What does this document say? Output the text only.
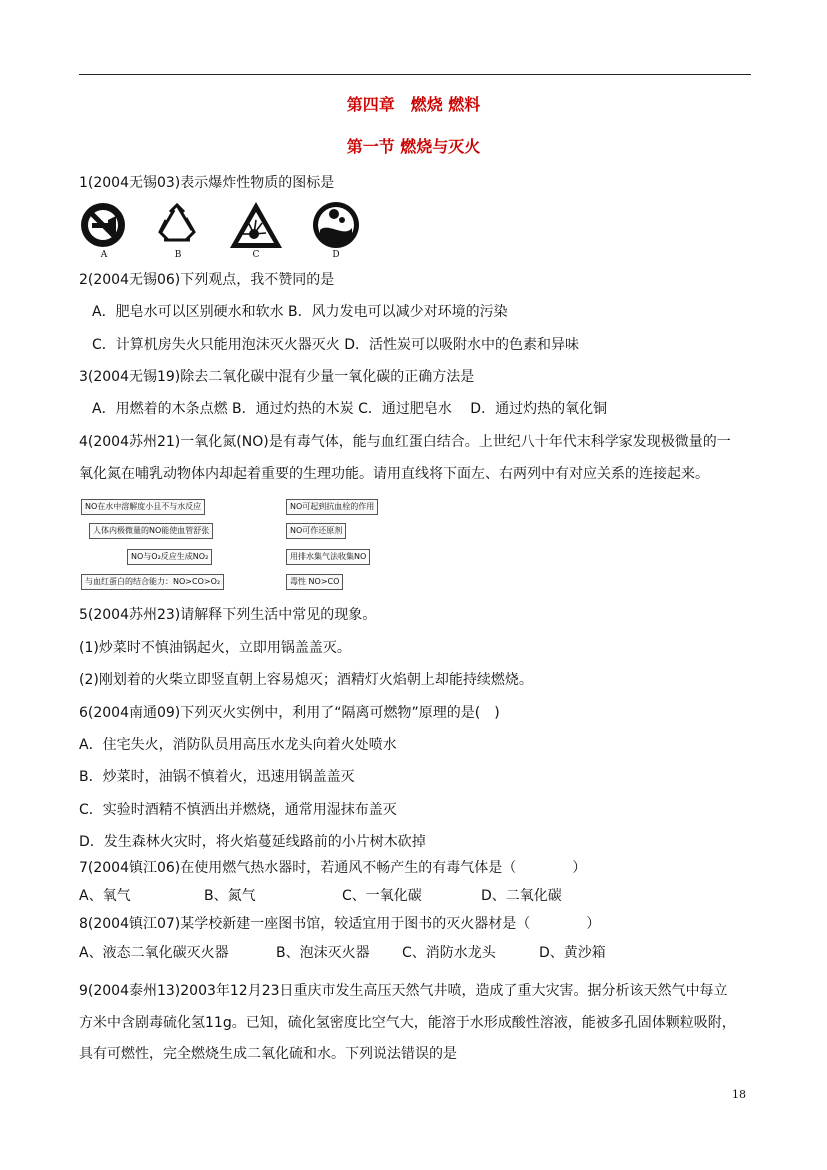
第四章　燃烧 燃料
第一节 燃烧与灭火
1(2004无锡03)表示爆炸性物质的图标是
A	B	C	D
2(2004无锡06)下列观点，我不赞同的是
A．肥皂水可以区别硬水和软水 B．风力发电可以减少对环境的污染
C．计算机房失火只能用泡沫灭火器灭火 D．活性炭可以吸附水中的色素和异味
3(2004无锡19)除去二氧化碳中混有少量一氧化碳的正确方法是
A．用燃着的木条点燃 B．通过灼热的木炭 C．通过肥皂水　 D．通过灼热的氧化铜
4(2004苏州21)一氧化氮(NO)是有毒气体，能与血红蛋白结合。上世纪八十年代末科学家发现极微量的一
氧化氮在哺乳动物体内却起着重要的生理功能。请用直线将下面左、右两列中有对应关系的连接起来。
NO在水中溶解度小且不与水反应
人体内极微量的NO能使血管舒张
NO与O₂反应生成NO₂
与血红蛋白的结合能力：NO>CO>O₂
NO可起到抗血栓的作用
NO可作还原剂
用排水集气法收集NO
毒性 NO>CO
5(2004苏州23)请解释下列生活中常见的现象。
(1)炒菜时不慎油锅起火，立即用锅盖盖灭。
(2)刚划着的火柴立即竖直朝上容易熄灭；酒精灯火焰朝上却能持续燃烧。
6(2004南通09)下列灭火实例中，利用了“隔离可燃物”原理的是(　)
A．住宅失火，消防队员用高压水龙头向着火处喷水
B．炒菜时，油锅不慎着火，迅速用锅盖盖灭
C．实验时酒精不慎洒出并燃烧，通常用湿抹布盖灭
D．发生森林火灾时，将火焰蔓延线路前的小片树木砍掉
7(2004镇江06)在使用燃气热水器时，若通风不畅产生的有毒气体是（　　　　）
A、氧气	B、氮气	C、一氧化碳	D、二氧化碳
8(2004镇江07)某学校新建一座图书馆，较适宜用于图书的灭火器材是（　　　　）
A、液态二氧化碳灭火器	B、泡沫灭火器 C、消防水龙头	D、黄沙箱
9(2004泰州13)2003年12月23日重庆市发生高压天然气井喷，造成了重大灾害。据分析该天然气中每立
方米中含剧毒硫化氢11g。已知，硫化氢密度比空气大，能溶于水形成酸性溶液，能被多孔固体颗粒吸附，
具有可燃性，完全燃烧生成二氧化硫和水。下列说法错误的是
18
